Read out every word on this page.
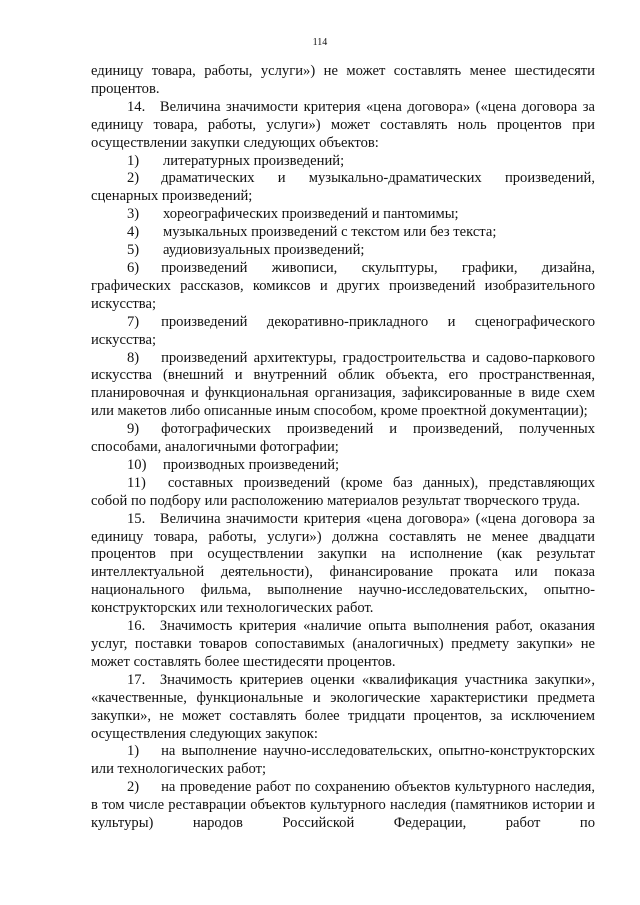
114

единицу товара, работы, услуги») не может составлять менее шестидесяти процентов.

14. Величина значимости критерия «цена договора» («цена договора за единицу товара, работы, услуги») может составлять ноль процентов при осуществлении закупки следующих объектов:

1)	литературных произведений;
2)   драматических и музыкально-драматических произведений, сценарных произведений;
3)	хореографических произведений и пантомимы;
4)	музыкальных произведений с текстом или без текста;
5)	аудиовизуальных произведений;
6)   произведений живописи, скульптуры, графики, дизайна, графических рассказов, комиксов и других произведений изобразительного искусства;
7)   произведений декоративно-прикладного и сценографического искусства;
8)   произведений архитектуры, градостроительства и садово-паркового искусства (внешний и внутренний облик объекта, его пространственная, планировочная и функциональная организация, зафиксированные в виде схем или макетов либо описанные иным способом, кроме проектной документации);
9)   фотографических произведений и произведений, полученных способами, аналогичными фотографии;
10)	производных произведений;
11)   составных произведений (кроме баз данных), представляющих собой по подбору или расположению материалов результат творческого труда.

15. Величина значимости критерия «цена договора» («цена договора за единицу товара, работы, услуги») должна составлять не менее двадцати процентов при осуществлении закупки на исполнение (как результат интеллектуальной деятельности), финансирование проката или показа национального фильма, выполнение научно-исследовательских, опытно-конструкторских или технологических работ.

16. Значимость критерия «наличие опыта выполнения работ, оказания услуг, поставки товаров сопоставимых (аналогичных) предмету закупки» не может составлять более шестидесяти процентов.

17. Значимость критериев оценки «квалификация участника закупки», «качественные, функциональные и экологические характеристики предмета закупки», не может составлять более тридцати процентов, за исключением осуществления следующих закупок:

1)   на выполнение научно-исследовательских, опытно-конструкторских или технологических работ;
2)   на проведение работ по сохранению объектов культурного наследия, в том числе реставрации объектов культурного наследия (памятников истории и культуры) народов Российской Федерации, работ по
